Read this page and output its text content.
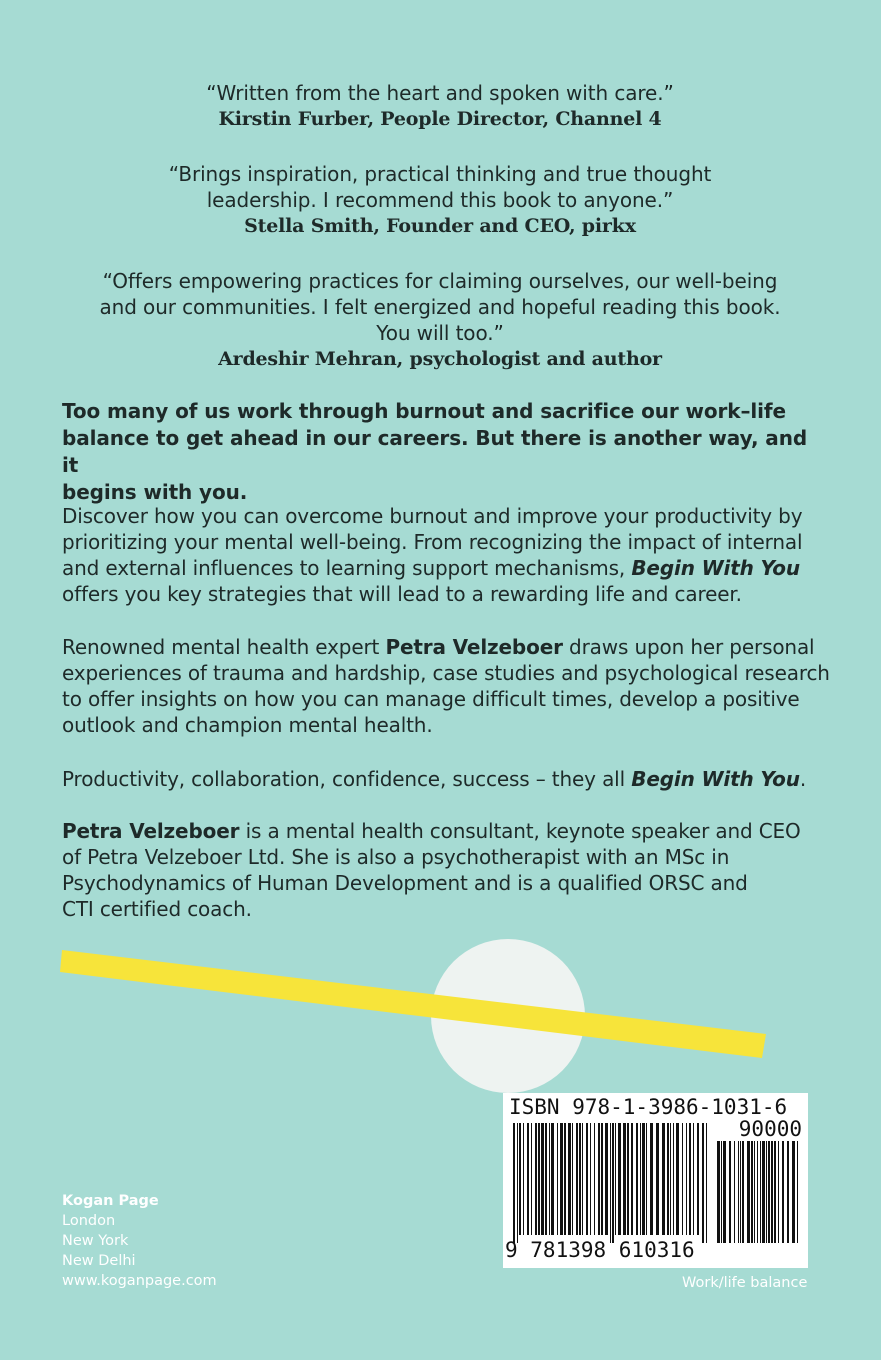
“Written from the heart and spoken with care.”
Kirstin Furber, People Director, Channel 4
“Brings inspiration, practical thinking and true thought
leadership. I recommend this book to anyone.”
Stella Smith, Founder and CEO, pirkx
“Offers empowering practices for claiming ourselves, our well-being
and our communities. I felt energized and hopeful reading this book.
You will too.”
Ardeshir Mehran, psychologist and author
Too many of us work through burnout and sacrifice our work–life
balance to get ahead in our careers. But there is another way, and it
begins with you.
Discover how you can overcome burnout and improve your productivity by
prioritizing your mental well-being. From recognizing the impact of internal
and external influences to learning support mechanisms, Begin With You
offers you key strategies that will lead to a rewarding life and career.
Renowned mental health expert Petra Velzeboer draws upon her personal
experiences of trauma and hardship, case studies and psychological research
to offer insights on how you can manage difficult times, develop a positive
outlook and champion mental health.
Productivity, collaboration, confidence, success – they all Begin With You.
Petra Velzeboer is a mental health consultant, keynote speaker and CEO
of Petra Velzeboer Ltd. She is also a psychotherapist with an MSc in
Psychodynamics of Human Development and is a qualified ORSC and
CTI certified coach.
ISBN 978-1-3986-1031-6
90000
9 781398 610316
Kogan Page
London
New York
New Delhi
www.koganpage.com	Work/life balance
